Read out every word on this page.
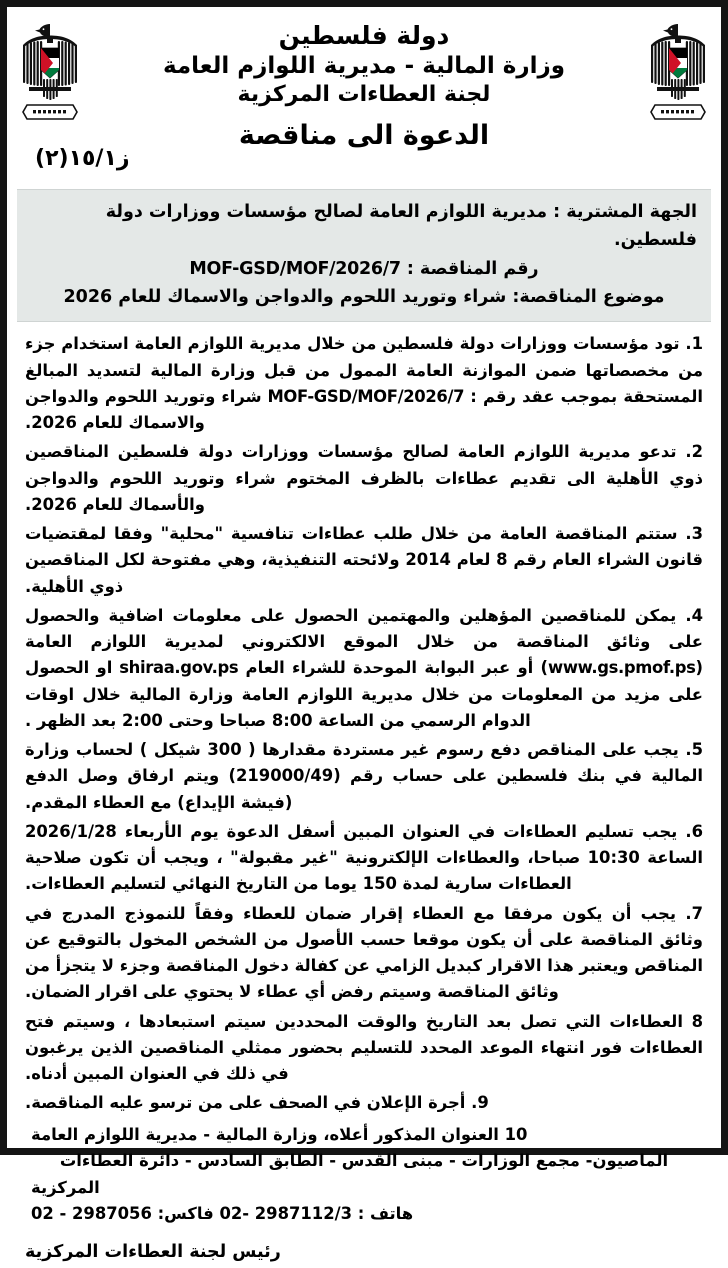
دولة فلسطين
وزارة المالية - مديرية اللوازم العامة
لجنة العطاءات المركزية
الدعوة الى مناقصة
ز١٥/١(٢)
الجهة المشترية : مديرية اللوازم العامة لصالح مؤسسات ووزارات دولة فلسطين.
رقم المناقصة : MOF-GSD/MOF/2026/7
موضوع المناقصة: شراء وتوريد اللحوم والدواجن والاسماك للعام 2026

1. تود مؤسسات ووزارات دولة فلسطين من خلال مديرية اللوازم العامة استخدام جزء من مخصصاتها ضمن الموازنة العامة الممول من قبل وزارة المالية لتسديد المبالغ المستحقة بموجب عقد رقم : MOF-GSD/MOF/2026/7 شراء وتوريد اللحوم والدواجن والاسماك للعام 2026.

2. تدعو مديرية اللوازم العامة لصالح مؤسسات ووزارات دولة فلسطين المناقصين ذوي الأهلية الى تقديم عطاءات بالظرف المختوم شراء وتوريد اللحوم والدواجن والأسماك للعام 2026.

3. ستتم المناقصة العامة من خلال طلب عطاءات تنافسية "محلية" وفقا لمقتضيات قانون الشراء العام رقم 8 لعام 2014 ولائحته التنفيذية، وهي مفتوحة لكل المناقصين ذوي الأهلية.

4. يمكن للمناقصين المؤهلين والمهتمين الحصول على معلومات اضافية والحصول على وثائق المناقصة من خلال الموقع الالكتروني لمديرية اللوازم العامة (www.gs.pmof.ps) أو عبر البوابة الموحدة للشراء العام shiraa.gov.ps او الحصول على مزيد من المعلومات من خلال مديرية اللوازم العامة وزارة المالية خلال اوقات الدوام الرسمي من الساعة 8:00 صباحا وحتى 2:00 بعد الظهر .

5. يجب على المناقص دفع رسوم غير مستردة مقدارها ( 300 شيكل ) لحساب وزارة المالية في بنك فلسطين على حساب رقم (219000/49) ويتم ارفاق وصل الدفع (فيشة الإيداع) مع العطاء المقدم.

6. يجب تسليم العطاءات في العنوان المبين أسفل الدعوة يوم الأربعاء 2026/1/28 الساعة 10:30 صباحا، والعطاءات الإلكترونية "غير مقبولة" ، ويجب أن تكون صلاحية العطاءات سارية لمدة 150 يوما من التاريخ النهائي لتسليم العطاءات.

7. يجب أن يكون مرفقا مع العطاء إقرار ضمان للعطاء وفقاً للنموذج المدرج في وثائق المناقصة على أن يكون موقعا حسب الأصول من الشخص المخول بالتوقيع عن المناقص ويعتبر هذا الاقرار كبديل الزامي عن كفالة دخول المناقصة وجزء لا يتجزأ من وثائق المناقصة وسيتم رفض أي عطاء لا يحتوي على اقرار الضمان.

8 العطاءات التي تصل بعد التاريخ والوقت المحددين سيتم استبعادها ، وسيتم فتح العطاءات فور انتهاء الموعد المحدد للتسليم بحضور ممثلي المناقصين الذين يرغبون في ذلك في العنوان المبين أدناه.

9. أجرة الإعلان في الصحف على من ترسو عليه المناقصة.

10 العنوان المذكور أعلاه، وزارة المالية - مديرية اللوازم العامة
الماصيون- مجمع الوزارات - مبنى القدس - الطابق السادس - دائرة العطاءات المركزية
هاتف : 2987112/3 -02 فاكس: 2987056 - 02
رئيس لجنة العطاءات المركزية
